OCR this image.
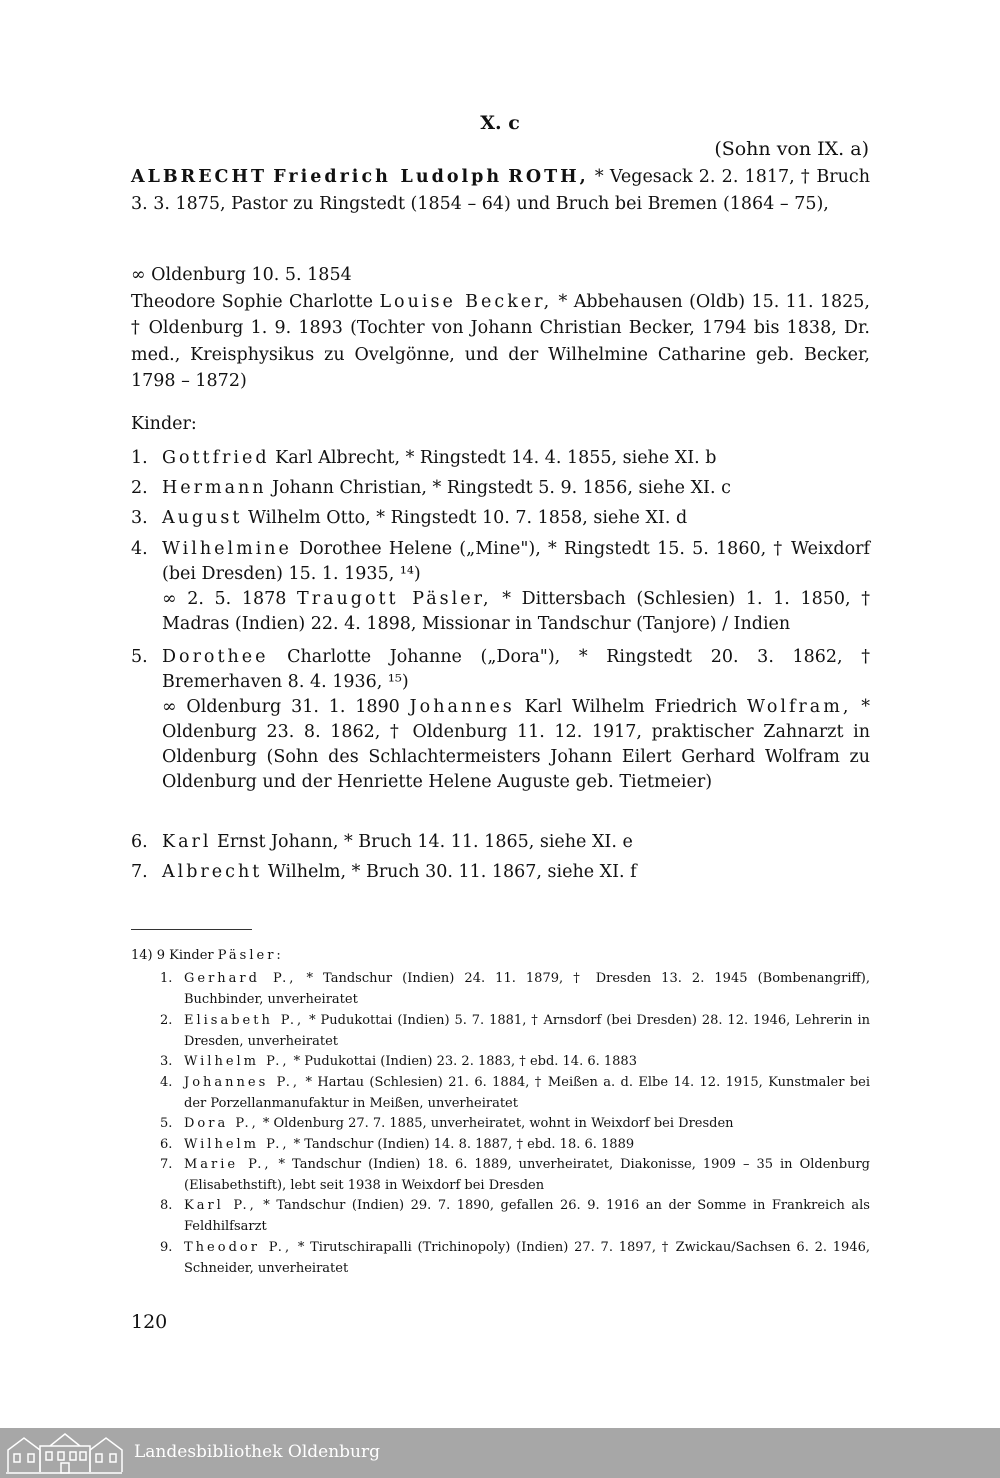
X. c
(Sohn von IX. a)
ALBRECHT Friedrich Ludolph ROTH, * Vegesack 2. 2. 1817, † Bruch 3. 3. 1875, Pastor zu Ringstedt (1854 – 64) und Bruch bei Bremen (1864 – 75),
∞ Oldenburg 10. 5. 1854
Theodore Sophie Charlotte Louise Becker, * Abbehausen (Oldb) 15. 11. 1825, † Oldenburg 1. 9. 1893 (Tochter von Johann Christian Becker, 1794 bis 1838, Dr. med., Kreisphysikus zu Ovelgönne, und der Wilhelmine Catharine geb. Becker, 1798 – 1872)
Kinder:
1. Gottfried Karl Albrecht, * Ringstedt 14. 4. 1855, siehe XI. b
2. Hermann Johann Christian, * Ringstedt 5. 9. 1856, siehe XI. c
3. August Wilhelm Otto, * Ringstedt 10. 7. 1858, siehe XI. d
4. Wilhelmine Dorothee Helene („Mine"), * Ringstedt 15. 5. 1860, † Weixdorf (bei Dresden) 15. 1. 1935, ¹⁴)
∞ 2. 5. 1878 Traugott Päsler, * Dittersbach (Schlesien) 1. 1. 1850, † Madras (Indien) 22. 4. 1898, Missionar in Tandschur (Tanjore) / Indien
5. Dorothee Charlotte Johanne („Dora"), * Ringstedt 20. 3. 1862, † Bremerhaven 8. 4. 1936, ¹⁵)
∞ Oldenburg 31. 1. 1890 Johannes Karl Wilhelm Friedrich Wolfram, * Oldenburg 23. 8. 1862, † Oldenburg 11. 12. 1917, praktischer Zahnarzt in Oldenburg (Sohn des Schlachtermeisters Johann Eilert Gerhard Wolfram zu Oldenburg und der Henriette Helene Auguste geb. Tietmeier)
6. Karl Ernst Johann, * Bruch 14. 11. 1865, siehe XI. e
7. Albrecht Wilhelm, * Bruch 30. 11. 1867, siehe XI. f
14) 9 Kinder Päsler:
1. Gerhard P., * Tandschur (Indien) 24. 11. 1879, † Dresden 13. 2. 1945 (Bombenangriff), Buchbinder, unverheiratet
2. Elisabeth P., * Pudukottai (Indien) 5. 7. 1881, † Arnsdorf (bei Dresden) 28. 12. 1946, Lehrerin in Dresden, unverheiratet
3. Wilhelm P., * Pudukottai (Indien) 23. 2. 1883, † ebd. 14. 6. 1883
4. Johannes P., * Hartau (Schlesien) 21. 6. 1884, † Meißen a. d. Elbe 14. 12. 1915, Kunstmaler bei der Porzellanmanufaktur in Meißen, unverheiratet
5. Dora P., * Oldenburg 27. 7. 1885, unverheiratet, wohnt in Weixdorf bei Dresden
6. Wilhelm P., * Tandschur (Indien) 14. 8. 1887, † ebd. 18. 6. 1889
7. Marie P., * Tandschur (Indien) 18. 6. 1889, unverheiratet, Diakonisse, 1909 – 35 in Oldenburg (Elisabethstift), lebt seit 1938 in Weixdorf bei Dresden
8. Karl P., * Tandschur (Indien) 29. 7. 1890, gefallen 26. 9. 1916 an der Somme in Frankreich als Feldhilfsarzt
9. Theodor P., * Tirutschirapalli (Trichinopoly) (Indien) 27. 7. 1897, † Zwickau/Sachsen 6. 2. 1946, Schneider, unverheiratet
120
Landesbibliothek Oldenburg
